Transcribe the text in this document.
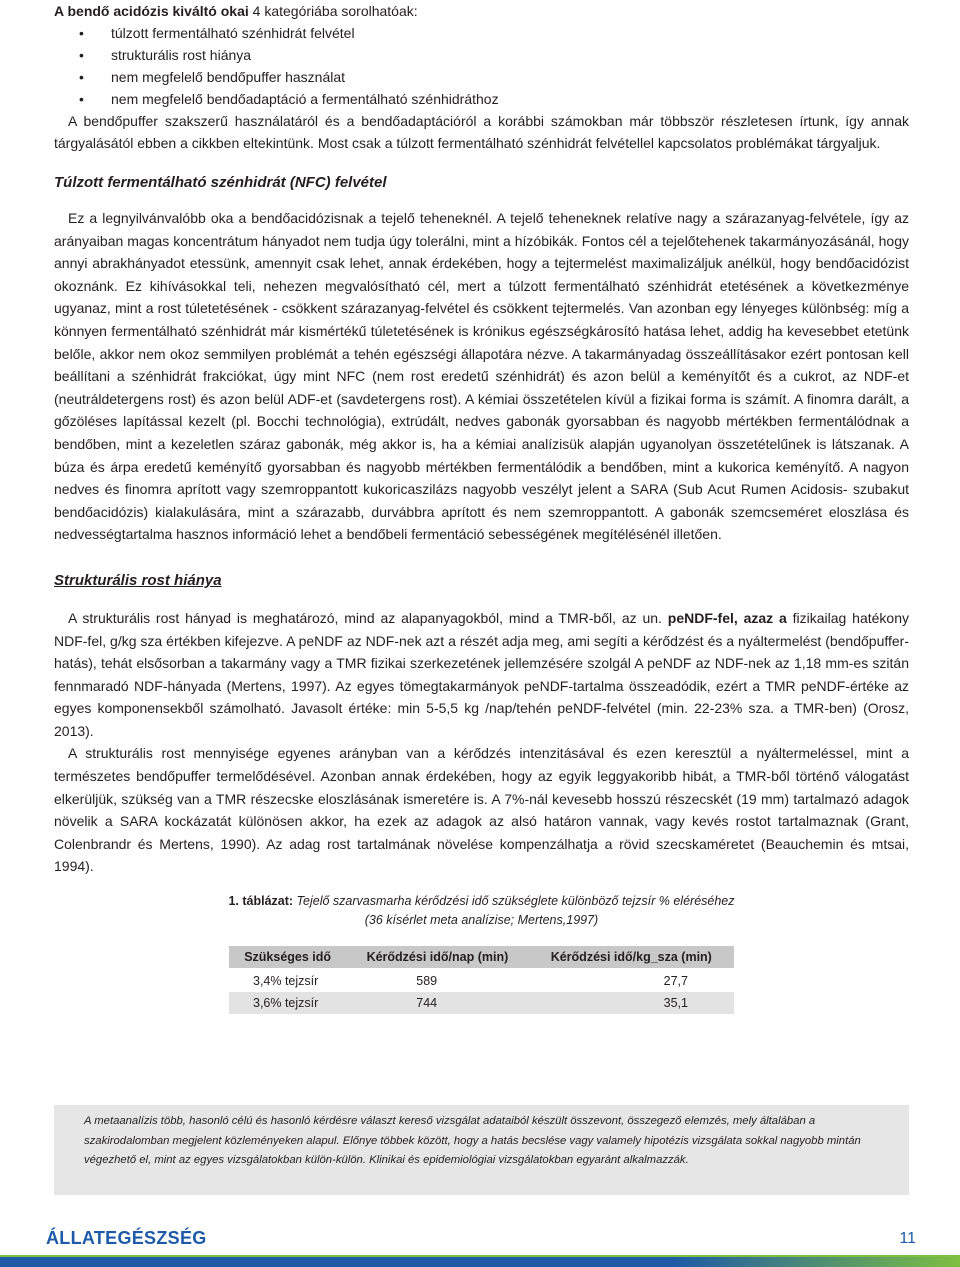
A bendő acidózis kiváltó okai 4 kategóriába sorolhatóak:

• túlzott fermentálható szénhidrát felvétel
• strukturális rost hiánya
• nem megfelelő bendőpuffer használat
• nem megfelelő bendőadaptáció a fermentálható szénhidráthoz

A bendőpuffer szakszerű használatáról és a bendőadaptációról a korábbi számokban már többször részletesen írtunk, így annak tárgyalásától ebben a cikkben eltekintünk. Most csak a túlzott fermentálható szénhidrát felvétellel kapcsolatos problémákat tárgyaljuk.

Túlzott fermentálható szénhidrát (NFC) felvétel

Ez a legnyilvánvalóbb oka a bendőacidózisnak a tejelő teheneknél. A tejelő teheneknek relatíve nagy a szárazanyag-felvétele, így az arányaiban magas koncentrátum hányadot nem tudja úgy tolerálni, mint a hízóbikák. Fontos cél a tejelőtehenek takarmányozásánál, hogy annyi abrakhányadot etessünk, amennyit csak lehet, annak érdekében, hogy a tejtermelést maximalizáljuk anélkül, hogy bendőacidózist okoznánk. Ez kihívásokkal teli, nehezen megvalósítható cél, mert a túlzott fermentálható szénhidrát etetésének a következménye ugyanaz, mint a rost túletetésének - csökkent szárazanyag-felvétel és csökkent tejtermelés. Van azonban egy lényeges különbség: míg a könnyen fermentálható szénhidrát már kismértékű túletetésének is krónikus egészségkárosító hatása lehet, addig ha kevesebbet etetünk belőle, akkor nem okoz semmilyen problémát a tehén egészségi állapotára nézve. A takarmányadag összeállításakor ezért pontosan kell beállítani a szénhidrát frakciókat, úgy mint NFC (nem rost eredetű szénhidrát) és azon belül a keményítőt és a cukrot, az NDF-et (neutráldetergens rost) és azon belül ADF-et (savdetergens rost). A kémiai összetételen kívül a fizikai forma is számít. A finomra darált, a gőzöléses lapítással kezelt (pl. Bocchi technológia), extrúdált, nedves gabonák gyorsabban és nagyobb mértékben fermentálódnak a bendőben, mint a kezeletlen száraz gabonák, még akkor is, ha a kémiai analízisük alapján ugyanolyan összetételűnek is látszanak. A búza és árpa eredetű keményítő gyorsabban és nagyobb mértékben fermentálódik a bendőben, mint a kukorica keményítő. A nagyon nedves és finomra aprított vagy szemroppantott kukoricaszilázs nagyobb veszélyt jelent a SARA (Sub Acut Rumen Acidosis- szubakut bendőacidózis) kialakulására, mint a szárazabb, durvábbra aprított és nem szemroppantott. A gabonák szemcseméret eloszlása és nedvességtartalma hasznos információ lehet a bendőbeli fermentáció sebességének megítélésénél illetően.

Strukturális rost hiánya

A strukturális rost hányad is meghatározó, mind az alapanyagokból, mind a TMR-ből, az un. peNDF-fel, azaz a fizikailag hatékony NDF-fel, g/kg sza értékben kifejezve. A peNDF az NDF-nek azt a részét adja meg, ami segíti a kérődzést és a nyáltermelést (bendőpuffer-hatás), tehát elsősorban a takarmány vagy a TMR fizikai szerkezetének jellemzésére szolgál A peNDF az NDF-nek az 1,18 mm-es szitán fennmaradó NDF-hányada (Mertens, 1997). Az egyes tömegtakarmányok peNDF-tartalma összeadódik, ezért a TMR peNDF-értéke az egyes komponensekből számolható. Javasolt értéke: min 5-5,5 kg /nap/tehén peNDF-felvétel (min. 22-23% sza. a TMR-ben) (Orosz, 2013).

A strukturális rost mennyisége egyenes arányban van a kérődzés intenzitásával és ezen keresztül a nyáltermeléssel, mint a természetes bendőpuffer termelődésével. Azonban annak érdekében, hogy az egyik leggyakoribb hibát, a TMR-ből történő válogatást elkerüljük, szükség van a TMR részecske eloszlásának ismeretére is. A 7%-nál kevesebb hosszú részecskét (19 mm) tartalmazó adagok növelik a SARA kockázatát különösen akkor, ha ezek az adagok az alsó határon vannak, vagy kevés rostot tartalmaznak (Grant, Colenbrandr és Mertens, 1990). Az adag rost tartalmának növelése kompenzálhatja a rövid szecskaméretet (Beauchemin és mtsai, 1994).

1. táblázat: Tejelő szarvasmarha kérődzési idő szükséglete különböző tejzsír % eléréséhez

(36 kísérlet meta analízise; Mertens,1997)

Szükséges idő	Kérődzési idő/nap (min)	Kérődzési idő/kg_sza (min)
3,4% tejzsír	589	27,7
3,6% tejzsír	744	35,1

A metaanalízis több, hasonló célú és hasonló kérdésre választ kereső vizsgálat adataiból készült összevont, összegező elemzés, mely általában a szakirodalomban megjelent közleményeken alapul. Előnye többek között, hogy a hatás becslése vagy valamely hipotézis vizsgálata sokkal nagyobb mintán végezhető el, mint az egyes vizsgálatokban külön-külön. Klinikai és epidemiológiai vizsgálatokban egyaránt alkalmazzák.

ÁLLATEGÉSZSÉG	11
